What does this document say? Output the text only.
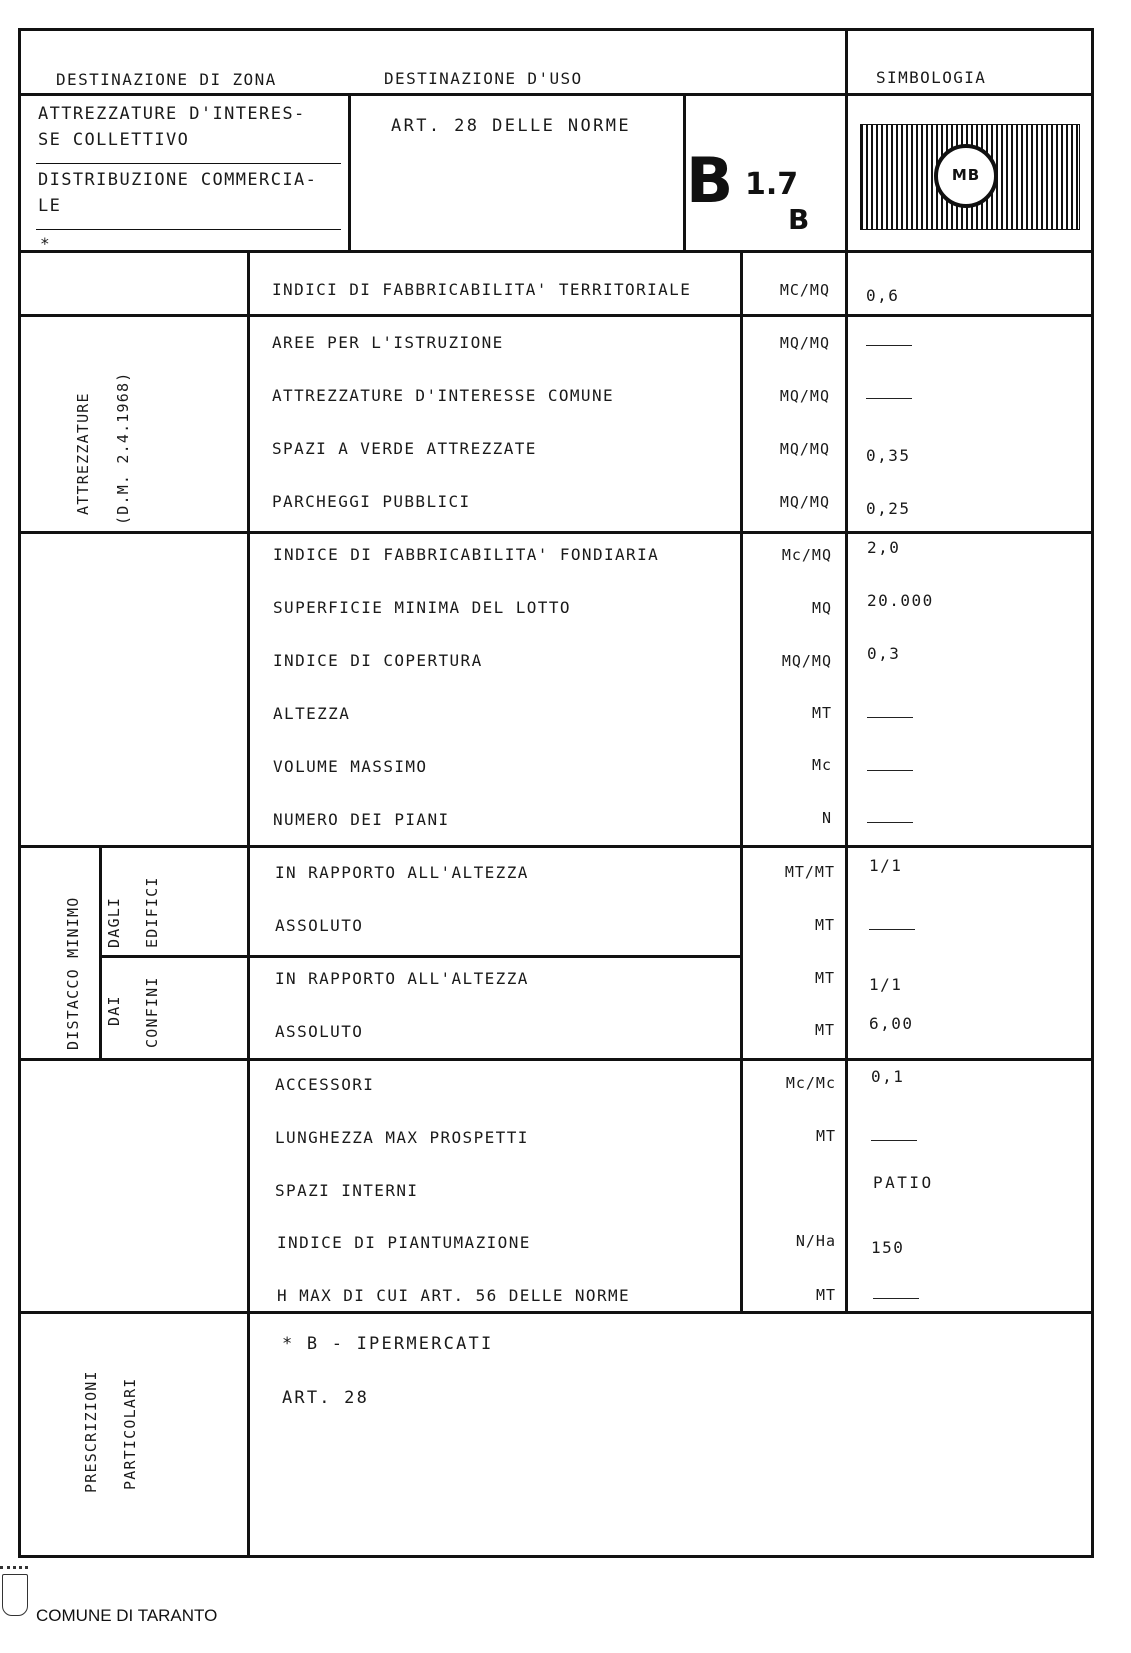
DESTINAZIONE DI ZONA	DESTINAZIONE D'USO	SIMBOLOGIA
ATTREZZATURE D'INTERES-
SE COLLETTIVO
DISTRIBUZIONE COMMERCIA-
LE
*
ART. 28 DELLE NORME
B 1.7
B
MB
INDICI DI FABBRICABILITA' TERRITORIALE	MC/MQ 0,6
ATTREZZATURE (D.M. 2.4.1968)
AREE PER L'ISTRUZIONE	MQ/MQ
ATTREZZATURE D'INTERESSE COMUNE	MQ/MQ
SPAZI A VERDE ATTREZZATE	MQ/MQ 0,35
PARCHEGGI PUBBLICI	MQ/MQ 0,25
INDICE DI FABBRICABILITA' FONDIARIA	Mc/MQ 2,0
SUPERFICIE MINIMA DEL LOTTO	MQ 20.000
INDICE DI COPERTURA	MQ/MQ 0,3
ALTEZZA	MT
VOLUME MASSIMO	Mc
NUMERO DEI PIANI	N
DISTACCO MINIMO DAGLI EDIFICI
DAI CONFINI
IN RAPPORTO ALL'ALTEZZA	MT/MT 1/1
ASSOLUTO	MT
IN RAPPORTO ALL'ALTEZZA	MT 1/1
ASSOLUTO	MT 6,00
ACCESSORI	Mc/Mc 0,1
LUNGHEZZA MAX PROSPETTI	MT
SPAZI INTERNI	PATIO
INDICE DI PIANTUMAZIONE	N/Ha 150
H MAX DI CUI ART. 56 DELLE NORME	MT
PRESCRIZIONI PARTICOLARI
* B - IPERMERCATI
ART. 28
COMUNE DI TARANTO
